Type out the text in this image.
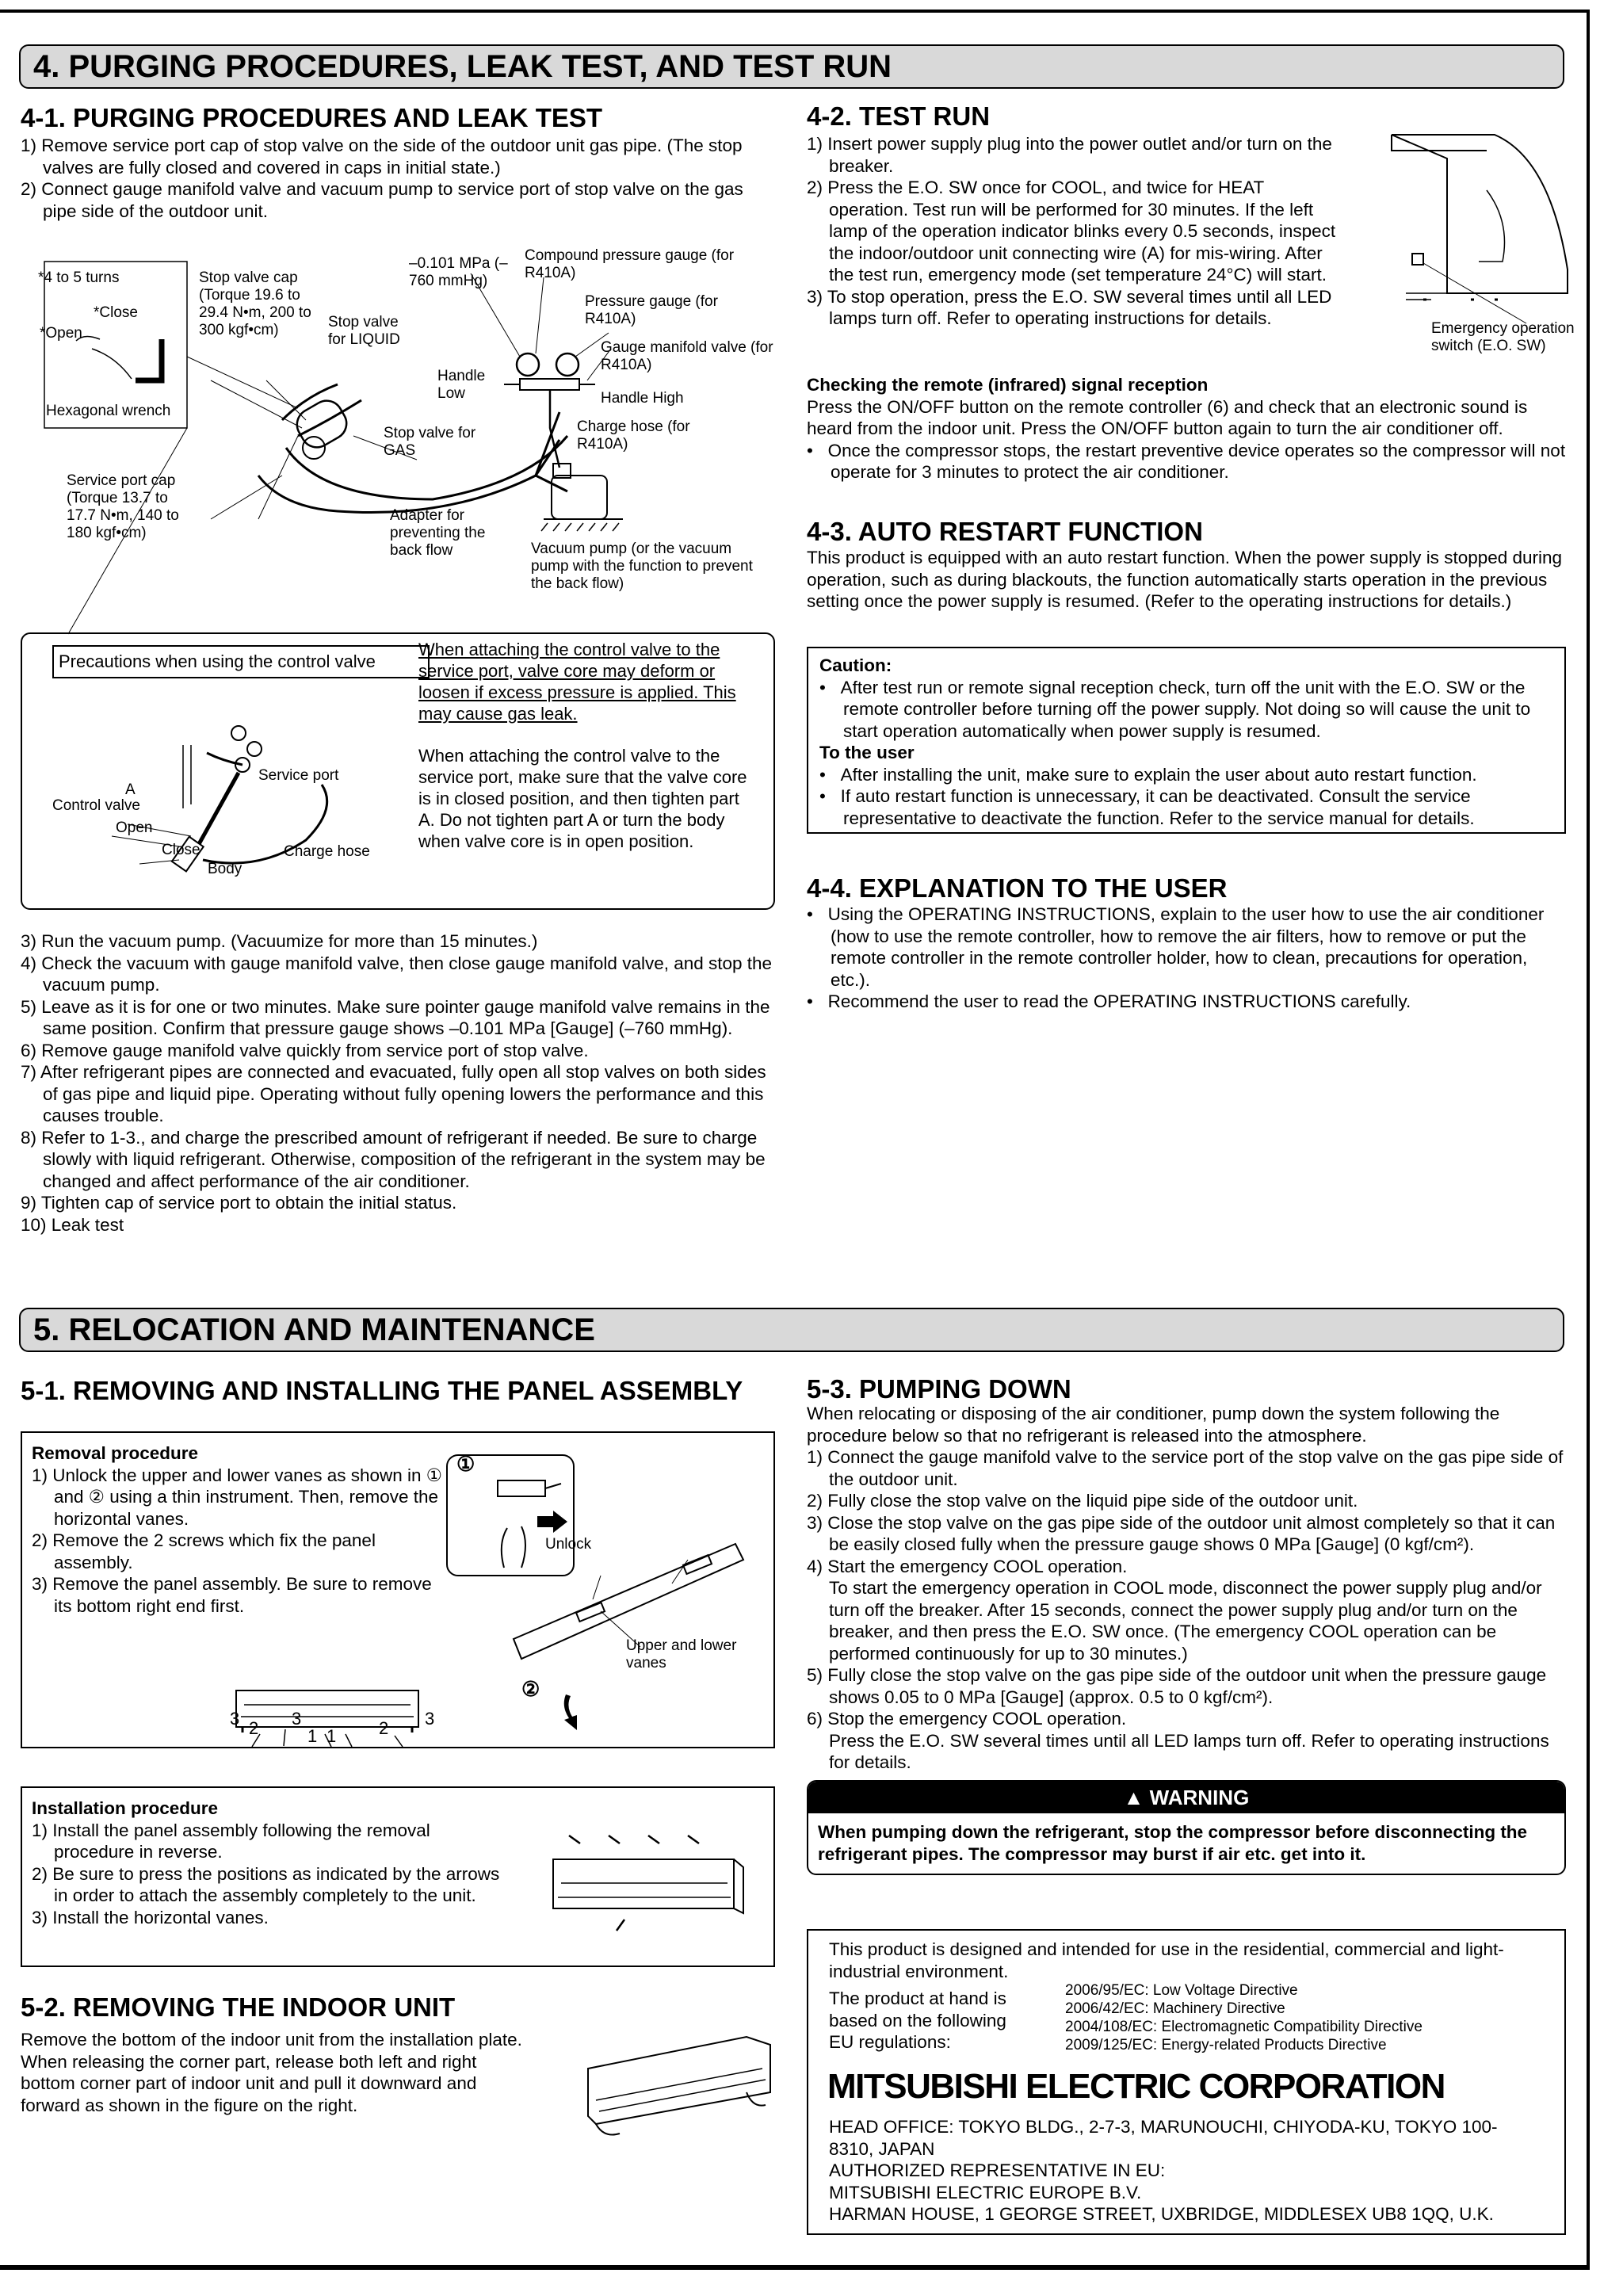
4. PURGING PROCEDURES, LEAK TEST, AND TEST RUN
4-1. PURGING PROCEDURES AND LEAK TEST

1) Remove service port cap of stop valve on the side of the outdoor unit gas pipe. (The stop valves are fully closed and covered in caps in initial state.)

2) Connect gauge manifold valve and vacuum pump to service port of stop valve on the gas pipe side of the outdoor unit.

*4 to 5 turns
*Close
*Open
Hexagonal wrench
Stop valve cap (Torque 19.6 to 29.4 N•m, 200 to 300 kgf•cm)	Stop valve for LIQUID
–0.101 MPa (–760 mmHg)
Compound pressure gauge (for R410A)
Pressure gauge (for R410A)
Gauge manifold valve (for R410A)
Handle Low	Handle High
Charge hose (for R410A)
Stop valve for GAS
Service port cap (Torque 13.7 to 17.7 N•m, 140 to 180 kgf•cm)
Adapter for preventing the back flow	Vacuum pump (or the vacuum pump with the function to prevent the back flow)
Precautions when using the control valve
Service port
A
Control valve
Open
Close
Body
Charge hose
When attaching the control valve to the service port, valve core may deform or loosen if excess pressure is applied. This may cause gas leak.
When attaching the control valve to the service port, make sure that the valve core is in closed position, and then tighten part A. Do not tighten part A or turn the body when valve core is in open position.

3) Run the vacuum pump. (Vacuumize for more than 15 minutes.)

4) Check the vacuum with gauge manifold valve, then close gauge manifold valve, and stop the vacuum pump.

5) Leave as it is for one or two minutes. Make sure pointer gauge manifold valve remains in the same position. Confirm that pressure gauge shows –0.101 MPa [Gauge] (–760 mmHg).

6) Remove gauge manifold valve quickly from service port of stop valve.

7) After refrigerant pipes are connected and evacuated, fully open all stop valves on both sides of gas pipe and liquid pipe. Operating without fully opening lowers the performance and this causes trouble.

8) Refer to 1-3., and charge the prescribed amount of refrigerant if needed. Be sure to charge slowly with liquid refrigerant. Otherwise, composition of the refrigerant in the system may be changed and affect performance of the air conditioner.

9) Tighten cap of service port to obtain the initial status.

10) Leak test

4-2. TEST RUN

1) Insert power supply plug into the power outlet and/or turn on the breaker.

2) Press the E.O. SW once for COOL, and twice for HEAT operation. Test run will be performed for 30 minutes. If the left lamp of the operation indicator blinks every 0.5 seconds, inspect the indoor/outdoor unit connecting wire (A) for mis-wiring. After the test run, emergency mode (set temperature 24°C) will start.

3) To stop operation, press the E.O. SW several times until all LED lamps turn off. Refer to operating instructions for details.

Emergency operation switch (E.O. SW)

Checking the remote (infrared) signal reception

Press the ON/OFF button on the remote controller (6) and check that an electronic sound is heard from the indoor unit. Press the ON/OFF button again to turn the air conditioner off.

•   Once the compressor stops, the restart preventive device operates so the compressor will not operate for 3 minutes to protect the air conditioner.

4-3. AUTO RESTART FUNCTION
This product is equipped with an auto restart function. When the power supply is stopped during operation, such as during blackouts, the function automatically starts operation in the previous setting once the power supply is resumed. (Refer to the operating instructions for details.)

Caution:

•   After test run or remote signal reception check, turn off the unit with the E.O. SW or the remote controller before turning off the power supply. Not doing so will cause the unit to start operation automatically when power supply is resumed.

To the user

•   After installing the unit, make sure to explain the user about auto restart function.

•   If auto restart function is unnecessary, it can be deactivated. Consult the service representative to deactivate the function. Refer to the service manual for details.

4-4. EXPLANATION TO THE USER

•   Using the OPERATING INSTRUCTIONS, explain to the user how to use the air conditioner (how to use the remote controller, how to remove the air filters, how to remove or put the remote controller in the remote controller holder, how to clean, precautions for operation, etc.).

•   Recommend the user to read the OPERATING INSTRUCTIONS carefully.

5. RELOCATION AND MAINTENANCE
5-1. REMOVING AND INSTALLING THE PANEL ASSEMBLY

Removal procedure

1) Unlock the upper and lower vanes as shown in ① and ② using a thin instrument. Then, remove the horizontal vanes.

2) Remove the 2 screws which fix the panel assembly.

3) Remove the panel assembly. Be sure to remove its bottom right end first.

①
Unlock
Upper and lower vanes
②
3 2 3
1 1 2 3

Installation procedure

1) Install the panel assembly following the removal procedure in reverse.

2) Be sure to press the positions as indicated by the arrows in order to attach the assembly completely to the unit.

3) Install the horizontal vanes.

5-2. REMOVING THE INDOOR UNIT

Remove the bottom of the indoor unit from the installation plate.

When releasing the corner part, release both left and right bottom corner part of indoor unit and pull it downward and forward as shown in the figure on the right.

5-3. PUMPING DOWN

When relocating or disposing of the air conditioner, pump down the system following the procedure below so that no refrigerant is released into the atmosphere.

1) Connect the gauge manifold valve to the service port of the stop valve on the gas pipe side of the outdoor unit.

2) Fully close the stop valve on the liquid pipe side of the outdoor unit.

3) Close the stop valve on the gas pipe side of the outdoor unit almost completely so that it can be easily closed fully when the pressure gauge shows 0 MPa [Gauge] (0 kgf/cm²).

4) Start the emergency COOL operation.

To start the emergency operation in COOL mode, disconnect the power supply plug and/or turn off the breaker. After 15 seconds, connect the power supply plug and/or turn on the breaker, and then press the E.O. SW once. (The emergency COOL operation can be performed continuously for up to 30 minutes.)

5) Fully close the stop valve on the gas pipe side of the outdoor unit when the pressure gauge shows 0.05 to 0 MPa [Gauge] (approx. 0.5 to 0 kgf/cm²).

6) Stop the emergency COOL operation.

Press the E.O. SW several times until all LED lamps turn off. Refer to operating instructions for details.

▲ WARNING
When pumping down the refrigerant, stop the compressor before disconnecting the refrigerant pipes. The compressor may burst if air etc. get into it.
This product is designed and intended for use in the residential, commercial and light-industrial environment.
The product at hand is based on the following EU regulations:
2006/95/EC: Low Voltage Directive
2006/42/EC: Machinery Directive
2004/108/EC: Electromagnetic Compatibility Directive
2009/125/EC: Energy-related Products Directive
MITSUBISHI ELECTRIC CORPORATION

HEAD OFFICE: TOKYO BLDG., 2-7-3, MARUNOUCHI, CHIYODA-KU, TOKYO 100-8310, JAPAN

AUTHORIZED REPRESENTATIVE IN EU:

MITSUBISHI ELECTRIC EUROPE B.V.

HARMAN HOUSE, 1 GEORGE STREET, UXBRIDGE, MIDDLESEX UB8 1QQ, U.K.
